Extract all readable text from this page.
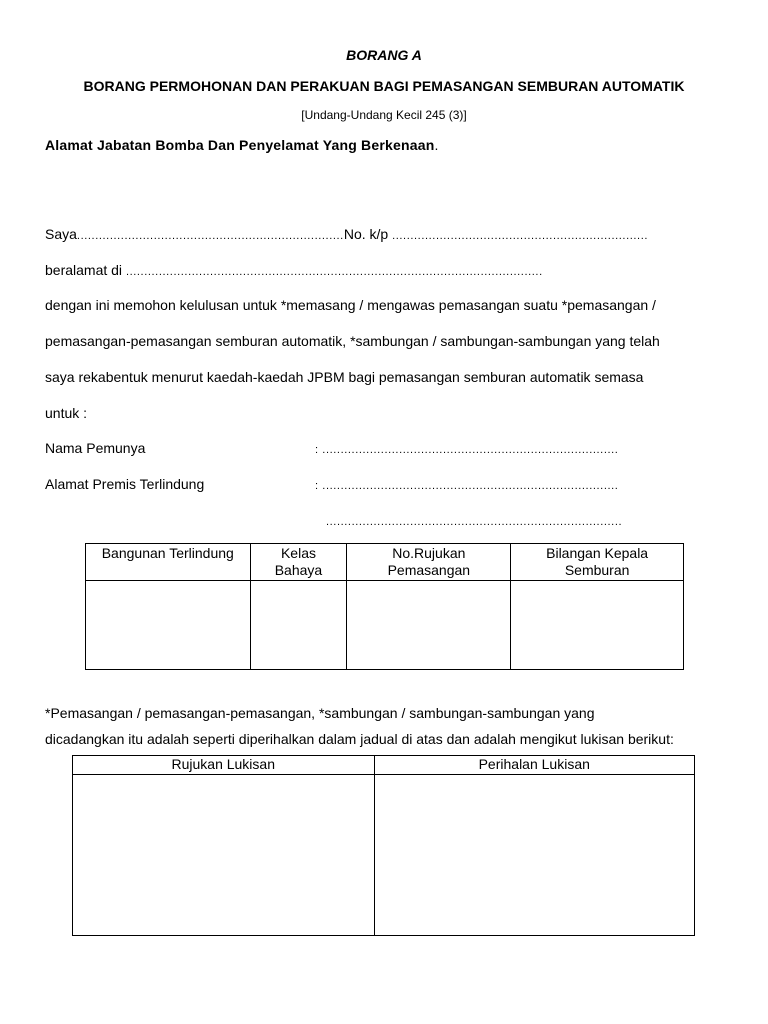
BORANG A
BORANG PERMOHONAN DAN PERAKUAN BAGI PEMASANGAN SEMBURAN AUTOMATIK
[Undang-Undang Kecil 245 (3)]
Alamat Jabatan Bomba Dan Penyelamat Yang Berkenaan.
Saya.........................................................................No. k/p ......................................................................
beralamat di ..................................................................................................................
dengan ini memohon kelulusan untuk *memasang / mengawas pemasangan suatu *pemasangan /
pemasangan-pemasangan semburan automatik, *sambungan / sambungan-sambungan yang telah
saya rekabentuk menurut kaedah-kaedah JPBM bagi pemasangan semburan automatik semasa
untuk :
Nama Pemunya	: .................................................................................
Alamat Premis Terlindung	: .................................................................................
.................................................................................
Bangunan Terlindung	Kelas Bahaya	No.Rujukan Pemasangan	Bilangan Kepala Semburan

*Pemasangan / pemasangan-pemasangan, *sambungan / sambungan-sambungan yang
dicadangkan itu adalah seperti diperihalkan dalam jadual di atas dan adalah mengikut lukisan berikut:
Rujukan Lukisan	Perihalan Lukisan
